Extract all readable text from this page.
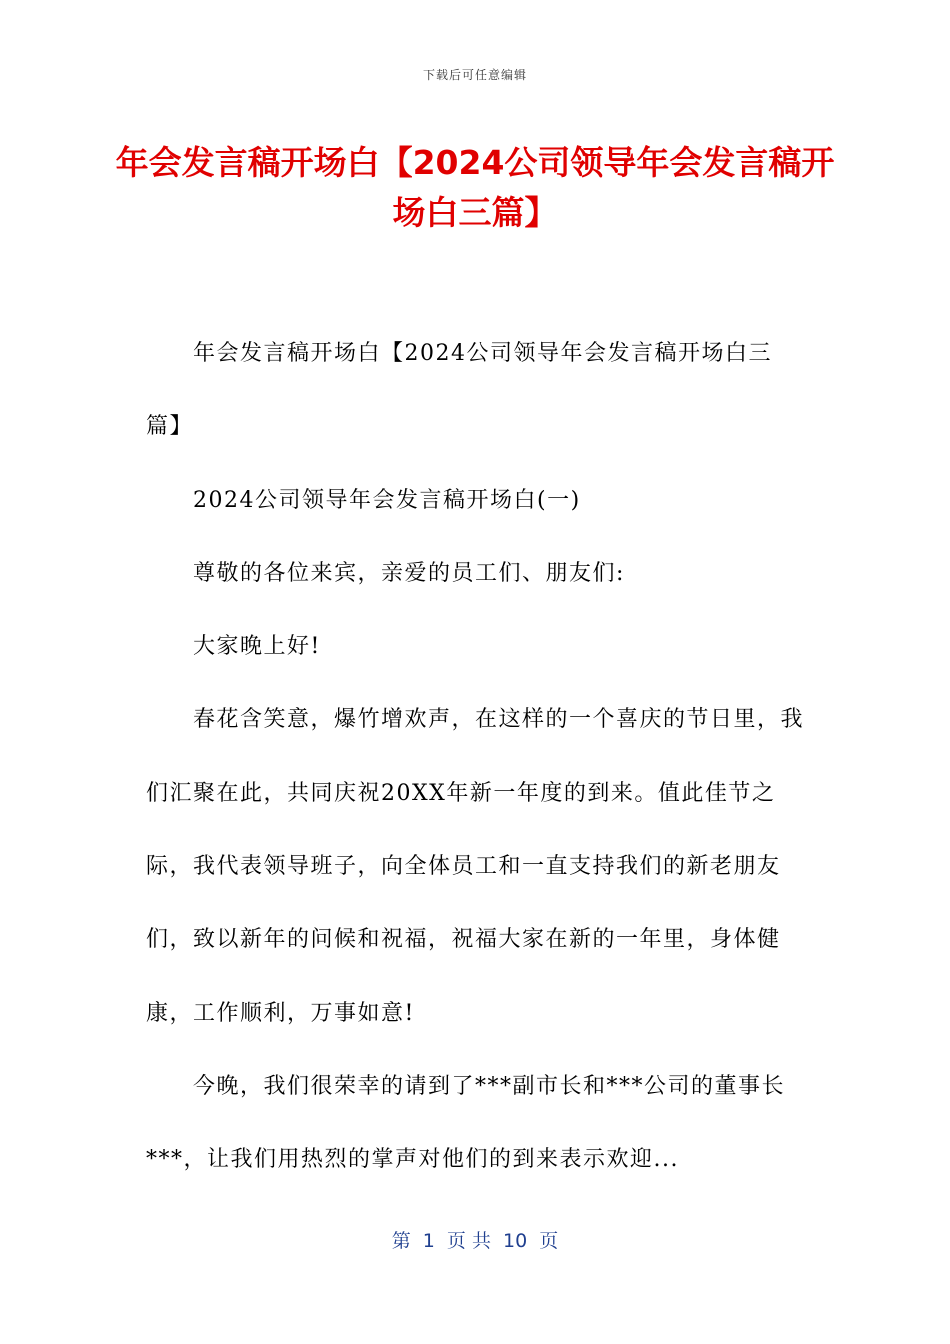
下载后可任意编辑
年会发言稿开场白【2024公司领导年会发言稿开场白三篇】

年会发言稿开场白【2024公司领导年会发言稿开场白三篇】

2024公司领导年会发言稿开场白(一)

尊敬的各位来宾，亲爱的员工们、朋友们:

大家晚上好!

春花含笑意，爆竹增欢声，在这样的一个喜庆的节日里，我们汇聚在此，共同庆祝20XX年新一年度的到来。值此佳节之际，我代表领导班子，向全体员工和一直支持我们的新老朋友们，致以新年的问候和祝福，祝福大家在新的一年里，身体健康，工作顺利，万事如意!

今晚，我们很荣幸的请到了***副市长和***公司的董事长***，让我们用热烈的掌声对他们的到来表示欢迎...

第  1  页 共  10  页
